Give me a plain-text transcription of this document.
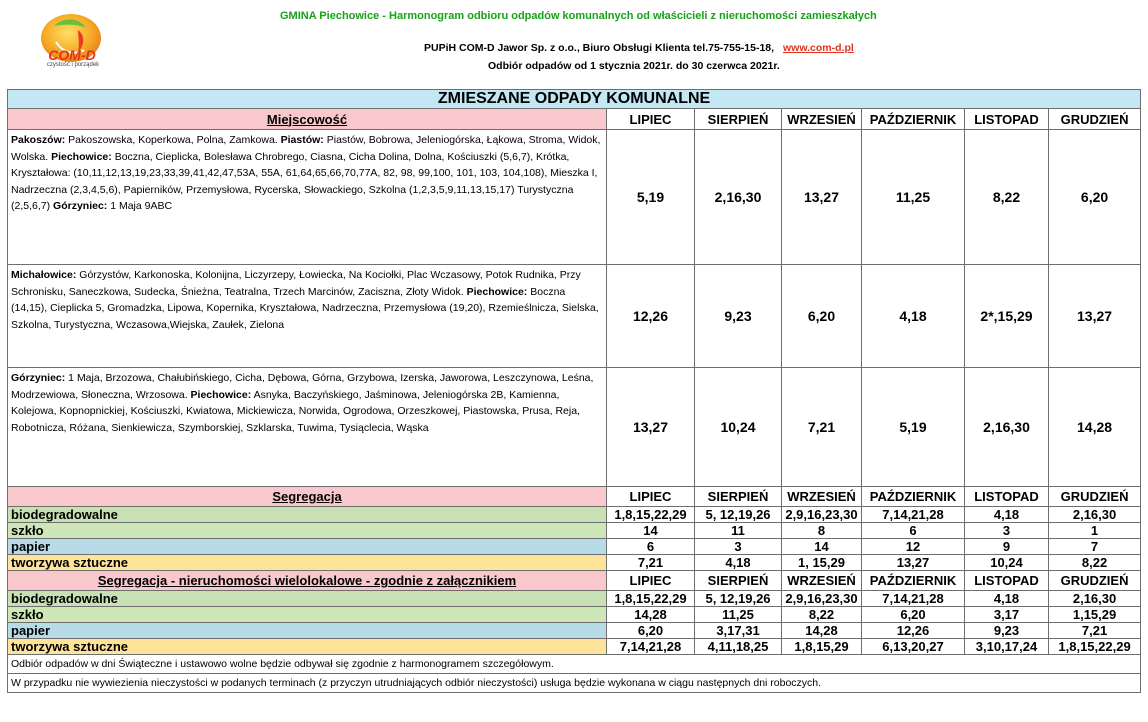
COM-D
czystość i porządek
GMINA Piechowice - Harmonogram odbioru odpadów komunalnych od właścicieli z nieruchomości zamieszkałych
PUPiH COM-D Jawor Sp. z o.o., Biuro Obsługi Klienta tel.75-755-15-18, www.com-d.pl
Odbiór odpadów od 1 stycznia 2021r. do 30 czerwca 2021r.
ZMIESZANE ODPADY KOMUNALNE						
Miejscowość	LIPIEC	SIERPIEŃ	WRZESIEŃ	PAŹDZIERNIK	LISTOPAD	GRUDZIEŃ
Pakoszów: Pakoszowska, Koperkowa, Polna, Zamkowa. Piastów: Piastów, Bobrowa, Jeleniogórska, Łąkowa, Stroma, Widok, Wolska. Piechowice: Boczna, Cieplicka, Bolesława Chrobrego, Ciasna, Cicha Dolina, Dolna, Kościuszki (5,6,7), Krótka, Kryształowa: (10,11,12,13,19,23,33,39,41,42,47,53A, 55A, 61,64,65,66,70,77A, 82, 98, 99,100, 101, 103, 104,108), Mieszka I, Nadrzeczna (2,3,4,5,6), Papierników, Przemysłowa, Rycerska, Słowackiego, Szkolna (1,2,3,5,9,11,13,15,17) Turystyczna (2,5,6,7) Górzyniec: 1 Maja 9ABC	5,19	2,16,30	13,27	11,25	8,22	6,20
Michałowice: Górzystów, Karkonoska, Kolonijna, Liczyrzepy, Łowiecka, Na Kociołki, Plac Wczasowy, Potok Rudnika, Przy Schronisku, Saneczkowa, Sudecka, Śnieżna, Teatralna, Trzech Marcinów, Zaciszna, Złoty Widok. Piechowice: Boczna (14,15), Cieplicka 5, Gromadzka, Lipowa, Kopernika, Kryształowa, Nadrzeczna, Przemysłowa (19,20), Rzemieślnicza, Sielska, Szkolna, Turystyczna, Wczasowa,Wiejska, Zaułek, Zielona	12,26	9,23	6,20	4,18	2*,15,29	13,27
Górzyniec: 1 Maja, Brzozowa, Chałubińskiego, Cicha, Dębowa, Górna, Grzybowa, Izerska, Jaworowa, Leszczynowa, Leśna, Modrzewiowa, Słoneczna, Wrzosowa. Piechowice: Asnyka, Baczyńskiego, Jaśminowa, Jeleniogórska 2B, Kamienna, Kolejowa, Kopnopnickiej, Kościuszki, Kwiatowa, Mickiewicza, Norwida, Ogrodowa, Orzeszkowej, Piastowska, Prusa, Reja, Robotnicza, Różana, Sienkiewicza, Szymborskiej, Szklarska, Tuwima, Tysiąclecia, Wąska	13,27	10,24	7,21	5,19	2,16,30	14,28
Segregacja	LIPIEC	SIERPIEŃ	WRZESIEŃ	PAŹDZIERNIK	LISTOPAD	GRUDZIEŃ
biodegradowalne	1,8,15,22,29	5, 12,19,26	2,9,16,23,30	7,14,21,28	4,18	2,16,30
szkło	14	11	8	6	3	1
papier	6	3	14	12	9	7
tworzywa sztuczne	7,21	4,18	1, 15,29	13,27	10,24	8,22
Segregacja - nieruchomości wielolokalowe - zgodnie z załącznikiem	LIPIEC	SIERPIEŃ	WRZESIEŃ	PAŹDZIERNIK	LISTOPAD	GRUDZIEŃ
biodegradowalne	1,8,15,22,29	5, 12,19,26	2,9,16,23,30	7,14,21,28	4,18	2,16,30
szkło	14,28	11,25	8,22	6,20	3,17	1,15,29
papier	6,20	3,17,31	14,28	12,26	9,23	7,21
tworzywa sztuczne	7,14,21,28	4,11,18,25	1,8,15,29	6,13,20,27	3,10,17,24	1,8,15,22,29
Odbiór odpadów w dni Świąteczne i ustawowo wolne będzie odbywał się zgodnie z harmonogramem szczegółowym.						
W przypadku nie wywiezienia nieczystości w podanych terminach (z przyczyn utrudniających odbiór nieczystości) usługa będzie wykonana w ciągu następnych dni roboczych.						
